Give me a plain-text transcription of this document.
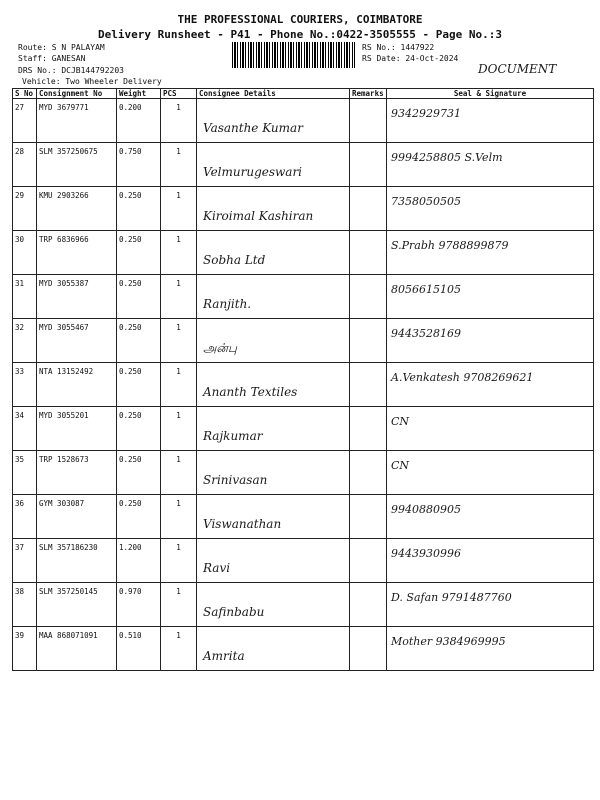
THE PROFESSIONAL COURIERS, COIMBATORE
Delivery Runsheet - P41 - Phone No.:0422-3505555 - Page No.:3
Route: S N PALAYAM
Staff: GANESAN
DRS No.: DCJB144792203
Vehicle: Two Wheeler Delivery
RS No.: 1447922
RS Date: 24-Oct-2024
DOCUMENT
S No	Consignment No	Weight	PCS	Consignee Details	Remarks	Seal & Signature
27	MYD 3679771	0.200	1	Vasanthe Kumar		9342929731

28	SLM 357250675	0.750	1	Velmurugeswari		9994258805 S.Velm

29	KMU 2903266	0.250	1	Kiroimal Kashiran		7358050505

30	TRP 6836966	0.250	1	Sobha Ltd		S.Prabh 9788899879

31	MYD 3055387	0.250	1	Ranjith.		8056615105

32	MYD 3055467	0.250	1	அன்பு		9443528169

33	NTA 13152492	0.250	1	Ananth Textiles		A.Venkatesh 9708269621

34	MYD 3055201	0.250	1	Rajkumar		CN

35	TRP 1528673	0.250	1	Srinivasan		CN

36	GYM 303087	0.250	1	Viswanathan		9940880905

37	SLM 357186230	1.200	1	Ravi		9443930996

38	SLM 357250145	0.970	1	Safinbabu		D. Safan 9791487760

39	MAA 868071091	0.510	1	Amrita		Mother 9384969995
